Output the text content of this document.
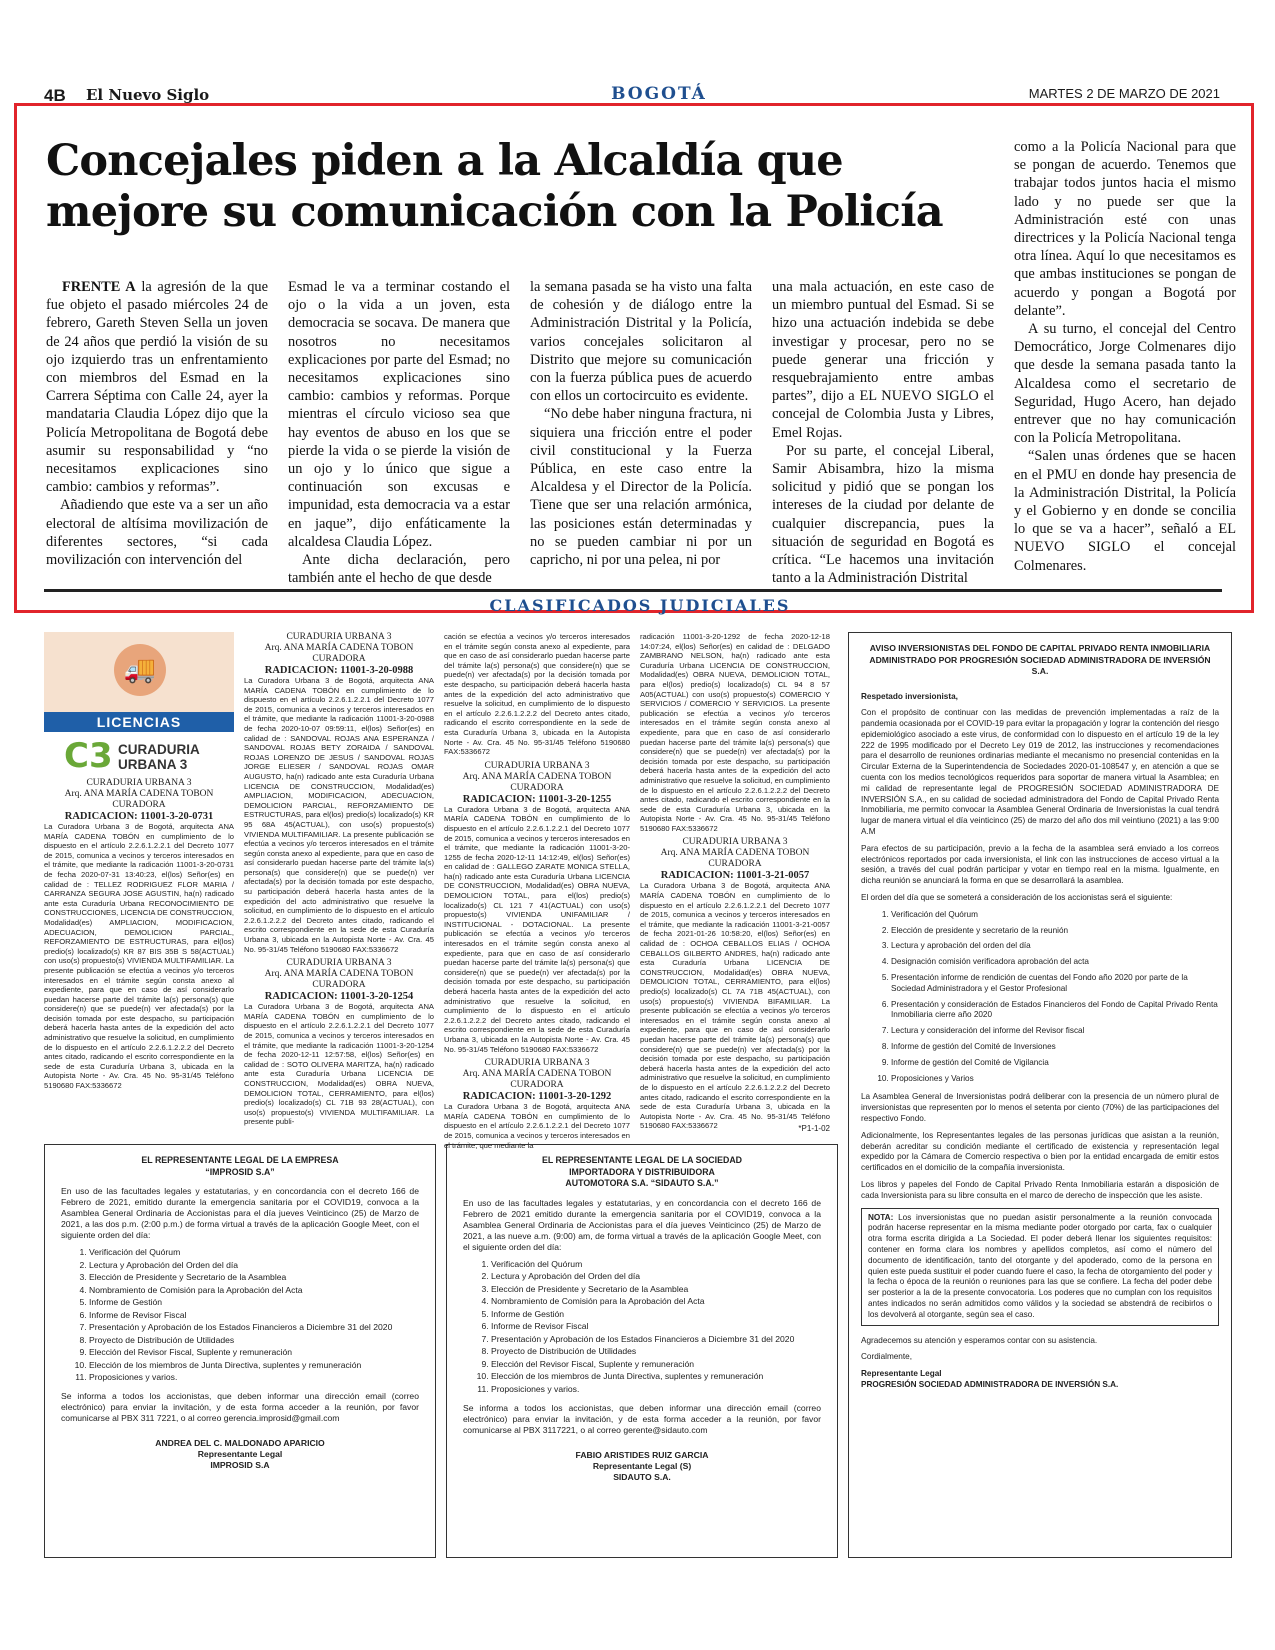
4B El Nuevo Siglo	BOGOTÁ	MARTES 2 DE MARZO DE 2021
Concejales piden a la Alcaldía que mejore su comunicación con la Policía

FRENTE A la agresión de la que fue objeto el pasado miércoles 24 de febrero, Gareth Steven Sella un joven de 24 años que perdió la visión de su ojo izquierdo tras un enfrentamiento con miembros del Esmad en la Carrera Séptima con Calle 24, ayer la mandataria Claudia López dijo que la Policía Metropolitana de Bogotá debe asumir su responsabilidad y “no necesitamos explicaciones sino cambio: cambios y reformas”.

Añadiendo que este va a ser un año electoral de altísima movilización de diferentes sectores, “si cada movilización con intervención del

Esmad le va a terminar costando el ojo o la vida a un joven, esta democracia se socava. De manera que nosotros no necesitamos explicaciones por parte del Esmad; no necesitamos explicaciones sino cambio: cambios y reformas. Porque mientras el círculo vicioso sea que hay eventos de abuso en los que se pierde la vida o se pierde la visión de un ojo y lo único que sigue a continuación son excusas e impunidad, esta democracia va a estar en jaque”, dijo enfáticamente la alcaldesa Claudia López.

Ante dicha declaración, pero también ante el hecho de que desde

la semana pasada se ha visto una falta de cohesión y de diálogo entre la Administración Distrital y la Policía, varios concejales solicitaron al Distrito que mejore su comunicación con la fuerza pública pues de acuerdo con ellos un cortocircuito es evidente.

“No debe haber ninguna fractura, ni siquiera una fricción entre el poder civil constitucional y la Fuerza Pública, en este caso entre la Alcaldesa y el Director de la Policía. Tiene que ser una relación armónica, las posiciones están determinadas y no se pueden cambiar ni por un capricho, ni por una pelea, ni por

una mala actuación, en este caso de un miembro puntual del Esmad. Si se hizo una actuación indebida se debe investigar y procesar, pero no se puede generar una fricción y resquebrajamiento entre ambas partes”, dijo a EL NUEVO SIGLO el concejal de Colombia Justa y Libres, Emel Rojas.

Por su parte, el concejal Liberal, Samir Abisambra, hizo la misma solicitud y pidió que se pongan los intereses de la ciudad por delante de cualquier discrepancia, pues la situación de seguridad en Bogotá es crítica. “Le hacemos una invitación tanto a la Administración Distrital

como a la Policía Nacional para que se pongan de acuerdo. Tenemos que trabajar todos juntos hacia el mismo lado y no puede ser que la Administración esté con unas directrices y la Policía Nacional tenga otra línea. Aquí lo que necesitamos es que ambas instituciones se pongan de acuerdo y pongan a Bogotá por delante”.

A su turno, el concejal del Centro Democrático, Jorge Colmenares dijo que desde la semana pasada tanto la Alcaldesa como el secretario de Seguridad, Hugo Acero, han dejado entrever que no hay comunicación con la Policía Metropolitana.

“Salen unas órdenes que se hacen en el PMU en donde hay presencia de la Administración Distrital, la Policía y el Gobierno y en donde se concilia lo que se va a hacer”, señaló a EL NUEVO SIGLO el concejal Colmenares.

CLASIFICADOS JUDICIALES
🚚
LICENCIAS
C3 CURADURIA
URBANA 3
CURADURIA URBANA 3
Arq. ANA MARÍA CADENA TOBON
CURADORA
RADICACION: 11001-3-20-0731

La Curadora Urbana 3 de Bogotá, arquitecta ANA MARÍA CADENA TOBÓN en cumplimiento de lo dispuesto en el artículo 2.2.6.1.2.2.1 del Decreto 1077 de 2015, comunica a vecinos y terceros interesados en el trámite, que mediante la radicación 11001-3-20-0731 de fecha 2020-07-31 13:40:23, el(los) Señor(es) en calidad de : TELLEZ RODRIGUEZ FLOR MARIA / CARRANZA SEGURA JOSE AGUSTIN, ha(n) radicado ante esta Curaduría Urbana RECONOCIMIENTO DE CONSTRUCCIONES, LICENCIA DE CONSTRUCCION, Modalidad(es) AMPLIACION, MODIFICACION, ADECUACION, DEMOLICION PARCIAL, REFORZAMIENTO DE ESTRUCTURAS, para el(los) predio(s) localizado(s) KR 87 BIS 35B S 58(ACTUAL) con uso(s) propuesto(s) VIVIENDA MULTIFAMILIAR. La presente publicación se efectúa a vecinos y/o terceros interesados en el trámite según consta anexo al expediente, para que en caso de así considerarlo puedan hacerse parte del trámite la(s) persona(s) que considere(n) que se puede(n) ver afectada(s) por la decisión tomada por este despacho, su participación deberá hacerla hasta antes de la expedición del acto administrativo que resuelve la solicitud, en cumplimiento de lo dispuesto en el artículo 2.2.6.1.2.2.2 del Decreto antes citado, radicando el escrito correspondiente en la sede de esta Curaduría Urbana 3, ubicada en la Autopista Norte - Av. Cra. 45 No. 95-31/45 Teléfono 5190680 FAX:5336672

CURADURIA URBANA 3
Arq. ANA MARÍA CADENA TOBON
CURADORA
RADICACION: 11001-3-20-0988

La Curadora Urbana 3 de Bogotá, arquitecta ANA MARÍA CADENA TOBÓN en cumplimiento de lo dispuesto en el artículo 2.2.6.1.2.2.1 del Decreto 1077 de 2015, comunica a vecinos y terceros interesados en el trámite, que mediante la radicación 11001-3-20-0988 de fecha 2020-10-07 09:59:11, el(los) Señor(es) en calidad de : SANDOVAL ROJAS ANA ESPERANZA / SANDOVAL ROJAS BETY ZORAIDA / SANDOVAL ROJAS LORENZO DE JESUS / SANDOVAL ROJAS JORGE ELIESER / SANDOVAL ROJAS OMAR AUGUSTO, ha(n) radicado ante esta Curaduría Urbana LICENCIA DE CONSTRUCCION, Modalidad(es) AMPLIACION, MODIFICACION, ADECUACION, DEMOLICION PARCIAL, REFORZAMIENTO DE ESTRUCTURAS, para el(los) predio(s) localizado(s) KR 95 68A 45(ACTUAL), con uso(s) propuesto(s) VIVIENDA MULTIFAMILIAR. La presente publicación se efectúa a vecinos y/o terceros interesados en el trámite según consta anexo al expediente, para que en caso de así considerarlo puedan hacerse parte del trámite la(s) persona(s) que considere(n) que se puede(n) ver afectada(s) por la decisión tomada por este despacho, su participación deberá hacerla hasta antes de la expedición del acto administrativo que resuelve la solicitud, en cumplimiento de lo dispuesto en el artículo 2.2.6.1.2.2.2 del Decreto antes citado, radicando el escrito correspondiente en la sede de esta Curaduría Urbana 3, ubicada en la Autopista Norte - Av. Cra. 45 No. 95-31/45 Teléfono 5190680 FAX:5336672

CURADURIA URBANA 3
Arq. ANA MARÍA CADENA TOBON
CURADORA
RADICACION: 11001-3-20-1254

La Curadora Urbana 3 de Bogotá, arquitecta ANA MARÍA CADENA TOBÓN en cumplimiento de lo dispuesto en el artículo 2.2.6.1.2.2.1 del Decreto 1077 de 2015, comunica a vecinos y terceros interesados en el trámite, que mediante la radicación 11001-3-20-1254 de fecha 2020-12-11 12:57:58, el(los) Señor(es) en calidad de : SOTO OLIVERA MARITZA, ha(n) radicado ante esta Curaduría Urbana LICENCIA DE CONSTRUCCION, Modalidad(es) OBRA NUEVA, DEMOLICION TOTAL, CERRAMIENTO, para el(los) predio(s) localizado(s) CL 71B 93 28(ACTUAL), con uso(s) propuesto(s) VIVIENDA MULTIFAMILIAR. La presente publi-

cación se efectúa a vecinos y/o terceros interesados en el trámite según consta anexo al expediente, para que en caso de así considerarlo puedan hacerse parte del trámite la(s) persona(s) que considere(n) que se puede(n) ver afectada(s) por la decisión tomada por este despacho, su participación deberá hacerla hasta antes de la expedición del acto administrativo que resuelve la solicitud, en cumplimiento de lo dispuesto en el artículo 2.2.6.1.2.2.2 del Decreto antes citado, radicando el escrito correspondiente en la sede de esta Curaduría Urbana 3, ubicada en la Autopista Norte - Av. Cra. 45 No. 95-31/45 Teléfono 5190680 FAX:5336672

CURADURIA URBANA 3
Arq. ANA MARÍA CADENA TOBON
CURADORA
RADICACION: 11001-3-20-1255

La Curadora Urbana 3 de Bogotá, arquitecta ANA MARÍA CADENA TOBÓN en cumplimiento de lo dispuesto en el artículo 2.2.6.1.2.2.1 del Decreto 1077 de 2015, comunica a vecinos y terceros interesados en el trámite, que mediante la radicación 11001-3-20-1255 de fecha 2020-12-11 14:12:49, el(los) Señor(es) en calidad de : GALLEGO ZARATE MONICA STELLA, ha(n) radicado ante esta Curaduría Urbana LICENCIA DE CONSTRUCCION, Modalidad(es) OBRA NUEVA, DEMOLICION TOTAL, para el(los) predio(s) localizado(s) CL 121 7 41(ACTUAL) con uso(s) propuesto(s) VIVIENDA UNIFAMILIAR / INSTITUCIONAL - DOTACIONAL. La presente publicación se efectúa a vecinos y/o terceros interesados en el trámite según consta anexo al expediente, para que en caso de así considerarlo puedan hacerse parte del trámite la(s) persona(s) que considere(n) que se puede(n) ver afectada(s) por la decisión tomada por este despacho, su participación deberá hacerla hasta antes de la expedición del acto administrativo que resuelve la solicitud, en cumplimiento de lo dispuesto en el artículo 2.2.6.1.2.2.2 del Decreto antes citado, radicando el escrito correspondiente en la sede de esta Curaduría Urbana 3, ubicada en la Autopista Norte - Av. Cra. 45 No. 95-31/45 Teléfono 5190680 FAX:5336672

CURADURIA URBANA 3
Arq. ANA MARÍA CADENA TOBON
CURADORA
RADICACION: 11001-3-20-1292

La Curadora Urbana 3 de Bogotá, arquitecta ANA MARÍA CADENA TOBÓN en cumplimiento de lo dispuesto en el artículo 2.2.6.1.2.2.1 del Decreto 1077 de 2015, comunica a vecinos y terceros interesados en el trámite, que mediante la

radicación 11001-3-20-1292 de fecha 2020-12-18 14:07:24, el(los) Señor(es) en calidad de : DELGADO ZAMBRANO NELSON, ha(n) radicado ante esta Curaduría Urbana LICENCIA DE CONSTRUCCION, Modalidad(es) OBRA NUEVA, DEMOLICION TOTAL, para el(los) predio(s) localizado(s) CL 94 8 57 A05(ACTUAL) con uso(s) propuesto(s) COMERCIO Y SERVICIOS / COMERCIO Y SERVICIOS. La presente publicación se efectúa a vecinos y/o terceros interesados en el trámite según consta anexo al expediente, para que en caso de así considerarlo puedan hacerse parte del trámite la(s) persona(s) que considere(n) que se puede(n) ver afectada(s) por la decisión tomada por este despacho, su participación deberá hacerla hasta antes de la expedición del acto administrativo que resuelve la solicitud, en cumplimiento de lo dispuesto en el artículo 2.2.6.1.2.2.2 del Decreto antes citado, radicando el escrito correspondiente en la sede de esta Curaduría Urbana 3, ubicada en la Autopista Norte - Av. Cra. 45 No. 95-31/45 Teléfono 5190680 FAX:5336672

CURADURIA URBANA 3
Arq. ANA MARÍA CADENA TOBON
CURADORA
RADICACION: 11001-3-21-0057

La Curadora Urbana 3 de Bogotá, arquitecta ANA MARÍA CADENA TOBÓN en cumplimiento de lo dispuesto en el artículo 2.2.6.1.2.2.1 del Decreto 1077 de 2015, comunica a vecinos y terceros interesados en el trámite, que mediante la radicación 11001-3-21-0057 de fecha 2021-01-26 10:58:20, el(los) Señor(es) en calidad de : OCHOA CEBALLOS ELIAS / OCHOA CEBALLOS GILBERTO ANDRES, ha(n) radicado ante esta Curaduría Urbana LICENCIA DE CONSTRUCCION, Modalidad(es) OBRA NUEVA, DEMOLICION TOTAL, CERRAMIENTO, para el(los) predio(s) localizado(s) CL 7A 71B 45(ACTUAL), con uso(s) propuesto(s) VIVIENDA BIFAMILIAR. La presente publicación se efectúa a vecinos y/o terceros interesados en el trámite según consta anexo al expediente, para que en caso de así considerarlo puedan hacerse parte del trámite la(s) persona(s) que considere(n) que se puede(n) ver afectada(s) por la decisión tomada por este despacho, su participación deberá hacerla hasta antes de la expedición del acto administrativo que resuelve la solicitud, en cumplimiento de lo dispuesto en el artículo 2.2.6.1.2.2.2 del Decreto antes citado, radicando el escrito correspondiente en la sede de esta Curaduría Urbana 3, ubicada en la Autopista Norte - Av. Cra. 45 No. 95-31/45 Teléfono 5190680 FAX:5336672	*P1-1-02
EL REPRESENTANTE LEGAL DE LA EMPRESA
“IMPROSID S.A”

En uso de las facultades legales y estatutarias, y en concordancia con el decreto 166 de Febrero de 2021, emitido durante la emergencia sanitaria por el COVID19, convoca a la Asamblea General Ordinaria de Accionistas para el día jueves Veinticinco (25) de Marzo de 2021, a las dos p.m. (2:00 p.m.) de forma virtual a través de la aplicación Google Meet, con el siguiente orden del día:

1. Verificación del Quórum
2. Lectura y Aprobación del Orden del día
3. Elección de Presidente y Secretario de la Asamblea
4. Nombramiento de Comisión para la Aprobación del Acta
5. Informe de Gestión
6. Informe de Revisor Fiscal
7. Presentación y Aprobación de los Estados Financieros a Diciembre 31 del 2020
8. Proyecto de Distribución de Utilidades
9. Elección del Revisor Fiscal, Suplente y remuneración
10. Elección de los miembros de Junta Directiva, suplentes y remuneración
11. Proposiciones y varios.

Se informa a todos los accionistas, que deben informar una dirección email (correo electrónico) para enviar la invitación, y de esta forma acceder a la reunión, por favor comunicarse al PBX 311 7221, o al correo gerencia.improsid@gmail.com

ANDREA DEL C. MALDONADO APARICIO
Representante Legal
IMPROSID S.A
EL REPRESENTANTE LEGAL DE LA SOCIEDAD
IMPORTADORA Y DISTRIBUIDORA
AUTOMOTORA S.A. “SIDAUTO S.A.”

En uso de las facultades legales y estatutarias, y en concordancia con el decreto 166 de Febrero de 2021 emitido durante la emergencia sanitaria por el COVID19, convoca a la Asamblea General Ordinaria de Accionistas para el día jueves Veinticinco (25) de Marzo de 2021, a las nueve a.m. (9:00) am, de forma virtual a través de la aplicación Google Meet, con el siguiente orden del día:

1. Verificación del Quórum
2. Lectura y Aprobación del Orden del día
3. Elección de Presidente y Secretario de la Asamblea
4. Nombramiento de Comisión para la Aprobación del Acta
5. Informe de Gestión
6. Informe de Revisor Fiscal
7. Presentación y Aprobación de los Estados Financieros a Diciembre 31 del 2020
8. Proyecto de Distribución de Utilidades
9. Elección del Revisor Fiscal, Suplente y remuneración
10. Elección de los miembros de Junta Directiva, suplentes y remuneración
11. Proposiciones y varios.

Se informa a todos los accionistas, que deben informar una dirección email (correo electrónico) para enviar la invitación, y de esta forma acceder a la reunión, por favor comunicarse al PBX 3117221, o al correo gerente@sidauto.com

FABIO ARISTIDES RUIZ GARCIA
Representante Legal (S)
SIDAUTO S.A.
AVISO INVERSIONISTAS DEL FONDO DE CAPITAL PRIVADO RENTA INMOBILIARIA ADMINISTRADO POR PROGRESIÓN SOCIEDAD ADMINISTRADORA DE INVERSIÓN S.A.

Respetado inversionista,

Con el propósito de continuar con las medidas de prevención implementadas a raíz de la pandemia ocasionada por el COVID-19 para evitar la propagación y lograr la contención del riesgo epidemiológico asociado a este virus, de conformidad con lo dispuesto en el artículo 19 de la ley 222 de 1995 modificado por el Decreto Ley 019 de 2012, las instrucciones y recomendaciones para el desarrollo de reuniones ordinarias mediante el mecanismo no presencial contenidas en la Circular Externa de la Superintendencia de Sociedades 2020-01-108547 y, en atención a que se cuenta con los medios tecnológicos requeridos para soportar de manera virtual la Asamblea; en mi calidad de representante legal de PROGRESIÓN SOCIEDAD ADMINISTRADORA DE INVERSIÓN S.A., en su calidad de sociedad administradora del Fondo de Capital Privado Renta Inmobiliaria, me permito convocar la Asamblea General Ordinaria de Inversionistas la cual tendrá lugar de manera virtual el día veinticinco (25) de marzo del año dos mil veintiuno (2021) a las 9:00 A.M

Para efectos de su participación, previo a la fecha de la asamblea será enviado a los correos electrónicos reportados por cada inversionista, el link con las instrucciones de acceso virtual a la sesión, a través del cual podrán participar y votar en tiempo real en la misma. Igualmente, en dicha reunión se anunciará la forma en que se desarrollará la asamblea.

El orden del día que se someterá a consideración de los accionistas será el siguiente:

1. Verificación del Quórum
2. Elección de presidente y secretario de la reunión
3. Lectura y aprobación del orden del día
4. Designación comisión verificadora aprobación del acta
5. Presentación informe de rendición de cuentas del Fondo año 2020 por parte de la Sociedad Administradora y el Gestor Profesional
6. Presentación y consideración de Estados Financieros del Fondo de Capital Privado Renta Inmobiliaria cierre año 2020
7. Lectura y consideración del informe del Revisor fiscal
8. Informe de gestión del Comité de Inversiones
9. Informe de gestión del Comité de Vigilancia
10. Proposiciones y Varios

La Asamblea General de Inversionistas podrá deliberar con la presencia de un número plural de inversionistas que representen por lo menos el setenta por ciento (70%) de las participaciones del respectivo Fondo.

Adicionalmente, los Representantes legales de las personas jurídicas que asistan a la reunión, deberán acreditar su condición mediante el certificado de existencia y representación legal expedido por la Cámara de Comercio respectiva o bien por la entidad encargada de emitir estos certificados en el domicilio de la compañía inversionista.

Los libros y papeles del Fondo de Capital Privado Renta Inmobiliaria estarán a disposición de cada Inversionista para su libre consulta en el marco de derecho de inspección que les asiste.

NOTA: Los inversionistas que no puedan asistir personalmente a la reunión convocada podrán hacerse representar en la misma mediante poder otorgado por carta, fax o cualquier otra forma escrita dirigida a La Sociedad. El poder deberá llenar los siguientes requisitos: contener en forma clara los nombres y apellidos completos, así como el número del documento de identificación, tanto del otorgante y del apoderado, como de la persona en quien este pueda sustituir el poder cuando fuere el caso, la fecha de otorgamiento del poder y la fecha o época de la reunión o reuniones para las que se confiere. La fecha del poder debe ser posterior a la de la presente convocatoria. Los poderes que no cumplan con los requisitos antes indicados no serán admitidos como válidos y la sociedad se abstendrá de recibirlos o los devolverá al otorgante, según sea el caso.

Agradecemos su atención y esperamos contar con su asistencia.

Cordialmente,

Representante Legal
PROGRESIÓN SOCIEDAD ADMINISTRADORA DE INVERSIÓN S.A.
